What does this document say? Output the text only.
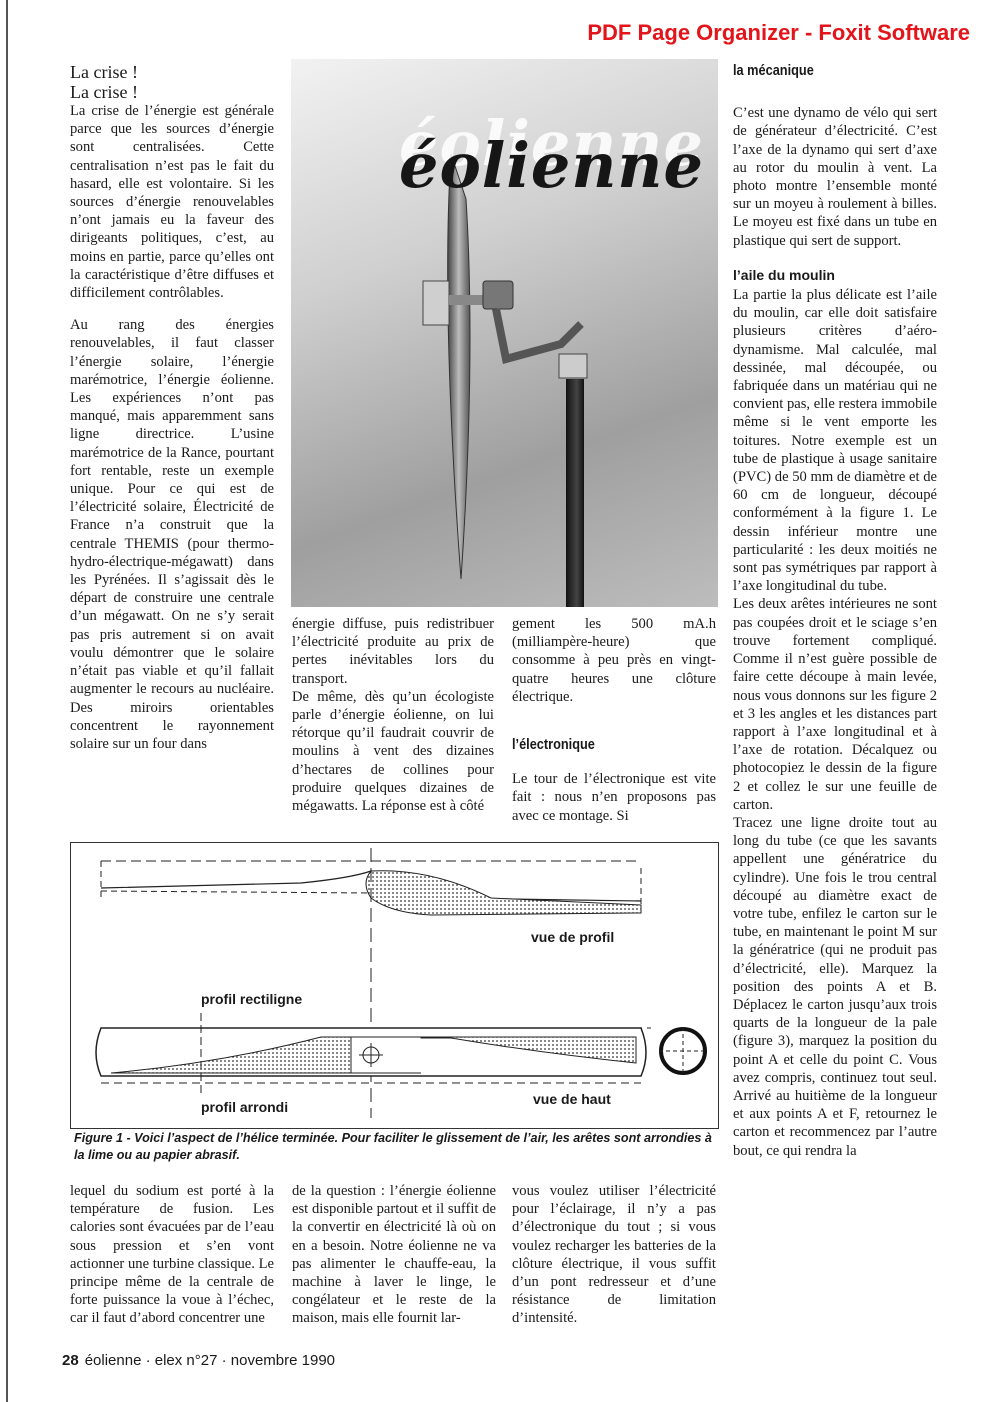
PDF Page Organizer - Foxit Software

La crise !

La crise !

La crise de l’énergie est générale parce que les sources d’énergie sont centralisées. Cette centralisation n’est pas le fait du hasard, elle est volontaire. Si les sources d’énergie renouvelables n’ont jamais eu la faveur des dirigeants politiques, c’est, au moins en partie, parce qu’elles ont la caractéristique d’être diffuses et difficilement contrôlables.

Au rang des énergies renouvelables, il faut classer l’énergie solaire, l’énergie marémotrice, l’énergie éolienne. Les expériences n’ont pas manqué, mais apparemment sans ligne directrice. L’usine marémotrice de la Rance, pourtant fort rentable, reste un exemple unique. Pour ce qui est de l’électricité solaire, Électricité de France n’a construit que la centrale THEMIS (pour thermo-hydro-électrique-mégawatt) dans les Pyrénées. Il s’agissait dès le départ de construire une centrale d’un mégawatt. On ne s’y serait pas pris autrement si on avait voulu démontrer que le solaire n’était pas viable et qu’il fallait augmenter le recours au nucléaire. Des miroirs orientables concentrent le rayonnement solaire sur un four dans

éolienne

énergie diffuse, puis redistribuer l’électricité produite au prix de pertes inévitables lors du transport.

De même, dès qu’un écologiste parle d’énergie éolienne, on lui rétorque qu’il faudrait couvrir de moulins à vent des dizaines d’hectares de collines pour produire quelques dizaines de mégawatts. La réponse est à côté

gement les 500 mA.h (milliampère-heure) que consomme à peu près en vingt-quatre heures une clôture électrique.

l’électronique

Le tour de l’électronique est vite fait : nous n’en proposons pas avec ce montage. Si

la mécanique

C’est une dynamo de vélo qui sert de générateur d’électricité. C’est l’axe de la dynamo qui sert d’axe au rotor du moulin à vent. La photo montre l’ensemble monté sur un moyeu à roulement à billes. Le moyeu est fixé dans un tube en plastique qui sert de support.

l’aile du moulin

La partie la plus délicate est l’aile du moulin, car elle doit satisfaire plusieurs critères d’aéro-dynamisme. Mal calculée, mal dessinée, mal découpée, ou fabriquée dans un matériau qui ne convient pas, elle restera immobile même si le vent emporte les toitures. Notre exemple est un tube de plastique à usage sanitaire (PVC) de 50 mm de diamètre et de 60 cm de longueur, découpé conformément à la figure 1. Le dessin inférieur montre une particularité : les deux moitiés ne sont pas symétriques par rapport à l’axe longitudinal du tube.

Les deux arêtes intérieures ne sont pas coupées droit et le sciage s’en trouve fortement compliqué. Comme il n’est guère possible de faire cette découpe à main levée, nous vous donnons sur les figure 2 et 3 les angles et les distances part rapport à l’axe longitudinal et à l’axe de rotation. Décalquez ou photocopiez le dessin de la figure 2 et collez le sur une feuille de carton.

Tracez une ligne droite tout au long du tube (ce que les savants appellent une génératrice du cylindre). Une fois le trou central découpé au diamètre exact de votre tube, enfilez le carton sur le tube, en maintenant le point M sur la génératrice (qui ne produit pas d’électricité, elle). Marquez la position des points A et B. Déplacez le carton jusqu’aux trois quarts de la longueur de la pale (figure 3), marquez la position du point A et celle du point C. Vous avez compris, continuez tout seul. Arrivé au huitième de la longueur et aux points A et F, retournez le carton et recommencez par l’autre bout, ce qui rendra la

vue de profil
profil rectiligne
profil arrondi	vue de haut
Figure 1 - Voici l’aspect de l’hélice terminée. Pour faciliter le glissement de l’air, les arêtes sont arrondies à la lime ou au papier abrasif.

lequel du sodium est porté à la température de fusion. Les calories sont évacuées par de l’eau sous pression et s’en vont actionner une turbine classique. Le principe même de la centrale de forte puissance la voue à l’échec, car il faut d’abord concentrer une

de la question : l’énergie éolienne est disponible partout et il suffit de la convertir en électricité là où on en a besoin. Notre éolienne ne va pas alimenter le chauffe-eau, la machine à laver le linge, le congélateur et le reste de la maison, mais elle fournit lar-

vous voulez utiliser l’électricité pour l’éclairage, il n’y a pas d’électronique du tout ; si vous voulez recharger les batteries de la clôture électrique, il vous suffit d’un pont redresseur et d’une résistance de limitation d’intensité.

28 éolienne · elex n°27 · novembre 1990
